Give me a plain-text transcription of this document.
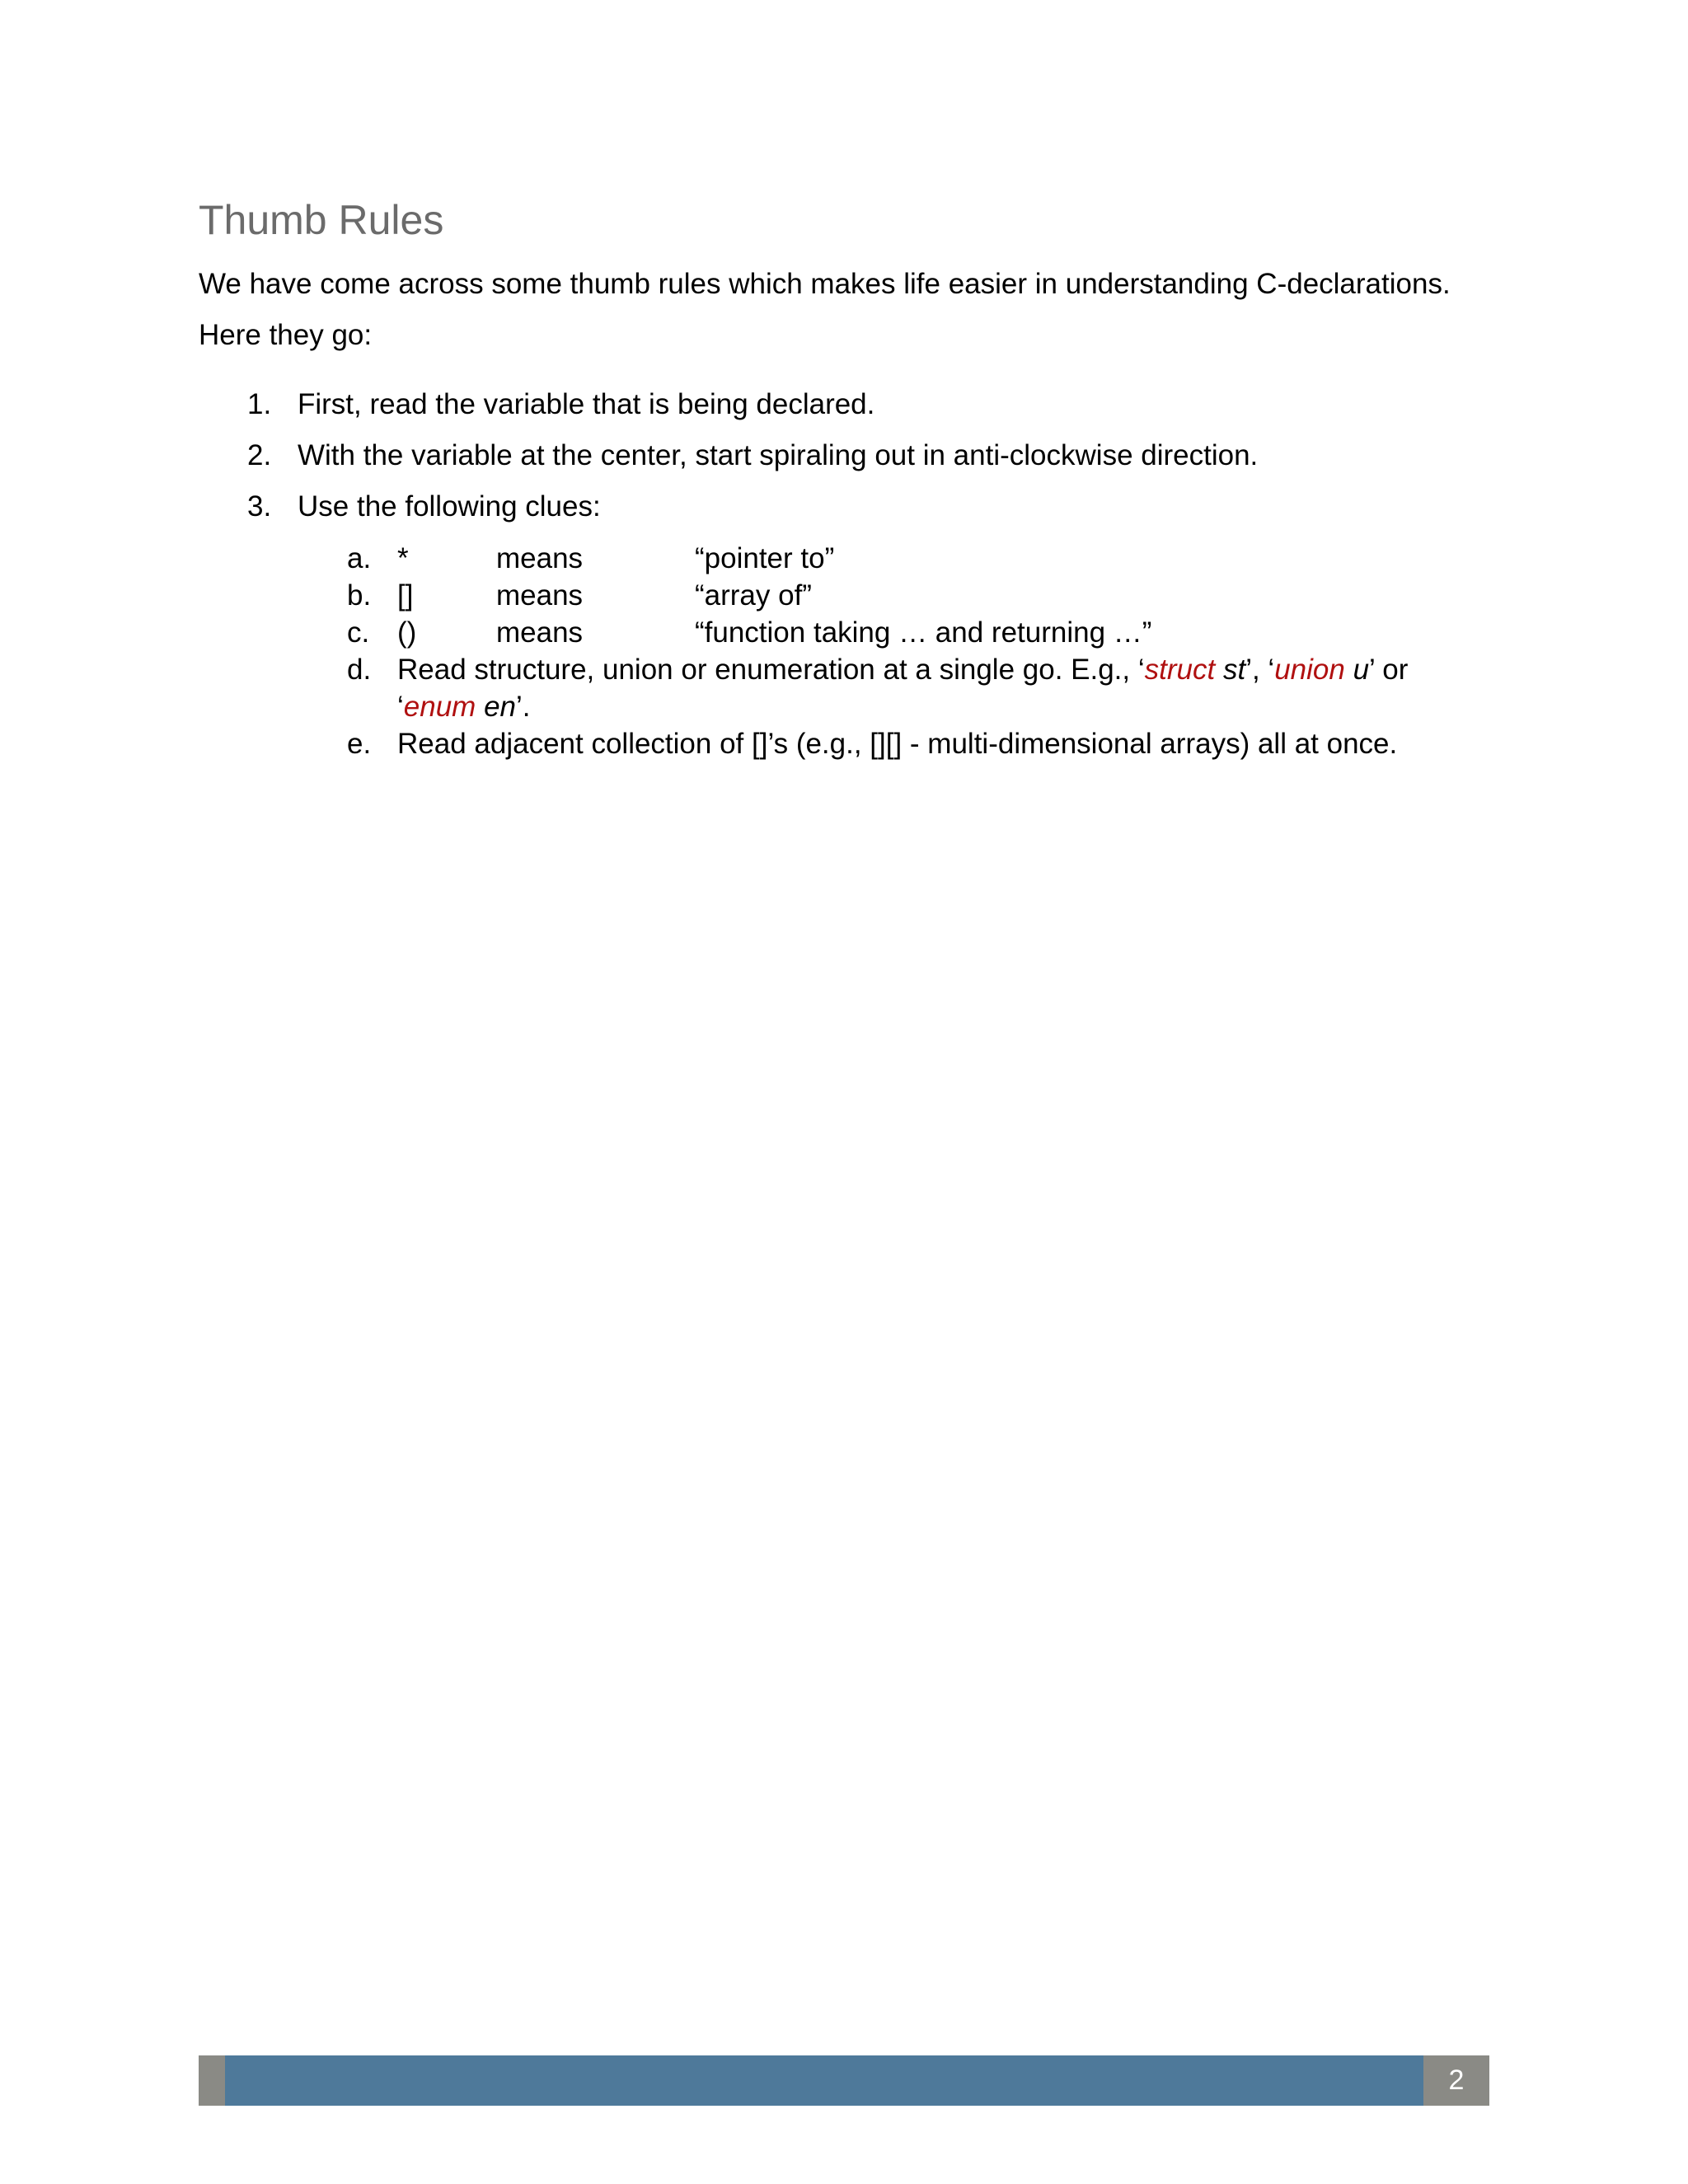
Thumb Rules

We have come across some thumb rules which makes life easier in understanding C-declarations.

Here they go:

1. First, read the variable that is being declared.
2. With the variable at the center, start spiraling out in anti-clockwise direction.
3. Use the following clues:
a. *	means	“pointer to”
b. []	means	“array of”
c. ()	means	“function taking … and returning …”
d. Read structure, union or enumeration at a single go. E.g., ‘struct st’, ‘union u’ or
‘enum en’.
e. Read adjacent collection of []’s (e.g., [][] - multi-dimensional arrays) all at once.
2
